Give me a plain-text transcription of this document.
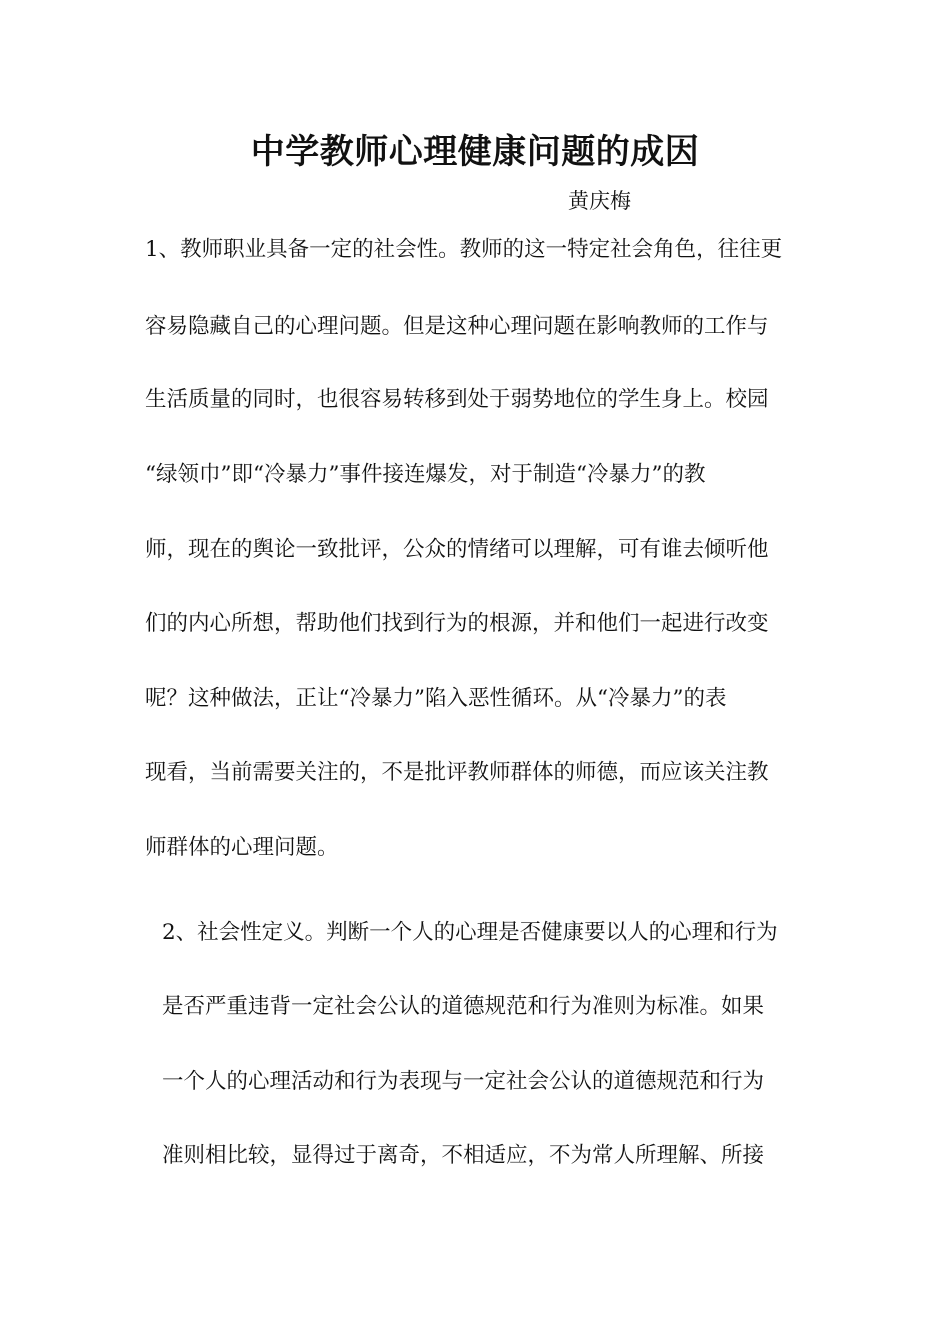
中学教师心理健康问题的成因
黄庆梅
1、教师职业具备一定的社会性。教师的这一特定社会角色，往往更
容易隐藏自己的心理问题。但是这种心理问题在影响教师的工作与
生活质量的同时，也很容易转移到处于弱势地位的学生身上。校园
“绿领巾”即“冷暴力”事件接连爆发，对于制造“冷暴力”的教
师，现在的舆论一致批评，公众的情绪可以理解，可有谁去倾听他
们的内心所想，帮助他们找到行为的根源，并和他们一起进行改变
呢？这种做法，正让“冷暴力”陷入恶性循环。从“冷暴力”的表
现看，当前需要关注的，不是批评教师群体的师德，而应该关注教
师群体的心理问题。
2、社会性定义。判断一个人的心理是否健康要以人的心理和行为
是否严重违背一定社会公认的道德规范和行为准则为标准。如果
一个人的心理活动和行为表现与一定社会公认的道德规范和行为
准则相比较，显得过于离奇，不相适应，不为常人所理解、所接
